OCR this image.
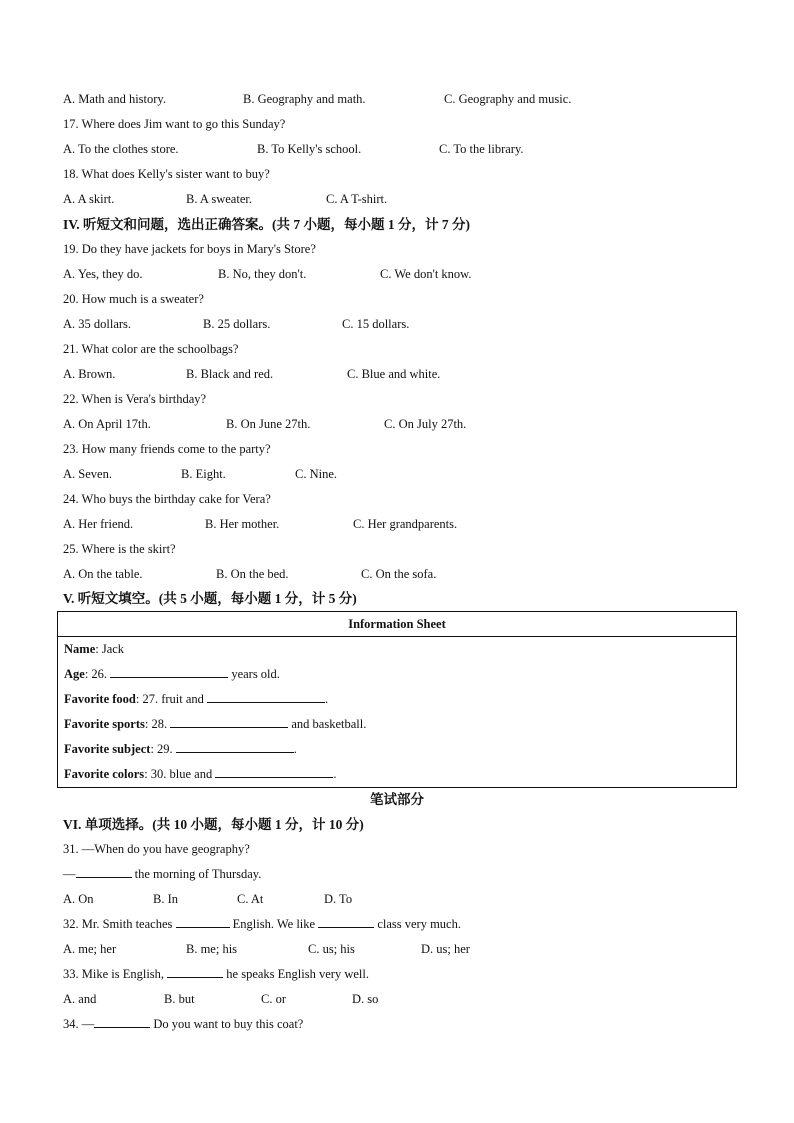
A. Math and history.	B. Geography and math.	C. Geography and music.
17. Where does Jim want to go this Sunday?
A. To the clothes store.	B. To Kelly's school.	C. To the library.
18. What does Kelly's sister want to buy?
A. A skirt.	B. A sweater.	C. A T-shirt.
IV. 听短文和问题，选出正确答案。(共 7 小题，每小题 1 分，计 7 分)
19. Do they have jackets for boys in Mary's Store?
A. Yes, they do.	B. No, they don't.	C. We don't know.
20. How much is a sweater?
A. 35 dollars.	B. 25 dollars.	C. 15 dollars.
21. What color are the schoolbags?
A. Brown.	B. Black and red.	C. Blue and white.
22. When is Vera's birthday?
A. On April 17th.	B. On June 27th.	C. On July 27th.
23. How many friends come to the party?
A. Seven.	B. Eight.	C. Nine.
24. Who buys the birthday cake for Vera?
A. Her friend.	B. Her mother.	C. Her grandparents.
25. Where is the skirt?
A. On the table.	B. On the bed.	C. On the sofa.
V. 听短文填空。(共 5 小题，每小题 1 分，计 5 分)
Information Sheet

Name: Jack
Age: 26.	years old.
Favorite food: 27. fruit and	.
Favorite sports: 28.	and basketball.
Favorite subject: 29.	.
Favorite colors: 30. blue and	.
笔试部分
VI. 单项选择。(共 10 小题，每小题 1 分，计 10 分)
31. —When do you have geography?
—	the morning of Thursday.
A. On	B. In	C. At	D. To
32. Mr. Smith teaches	English. We like	class very much.
A. me; her	B. me; his	C. us; his	D. us; her
33. Mike is English,	he speaks English very well.
A. and	B. but	C. or	D. so
34. —	Do you want to buy this coat?
